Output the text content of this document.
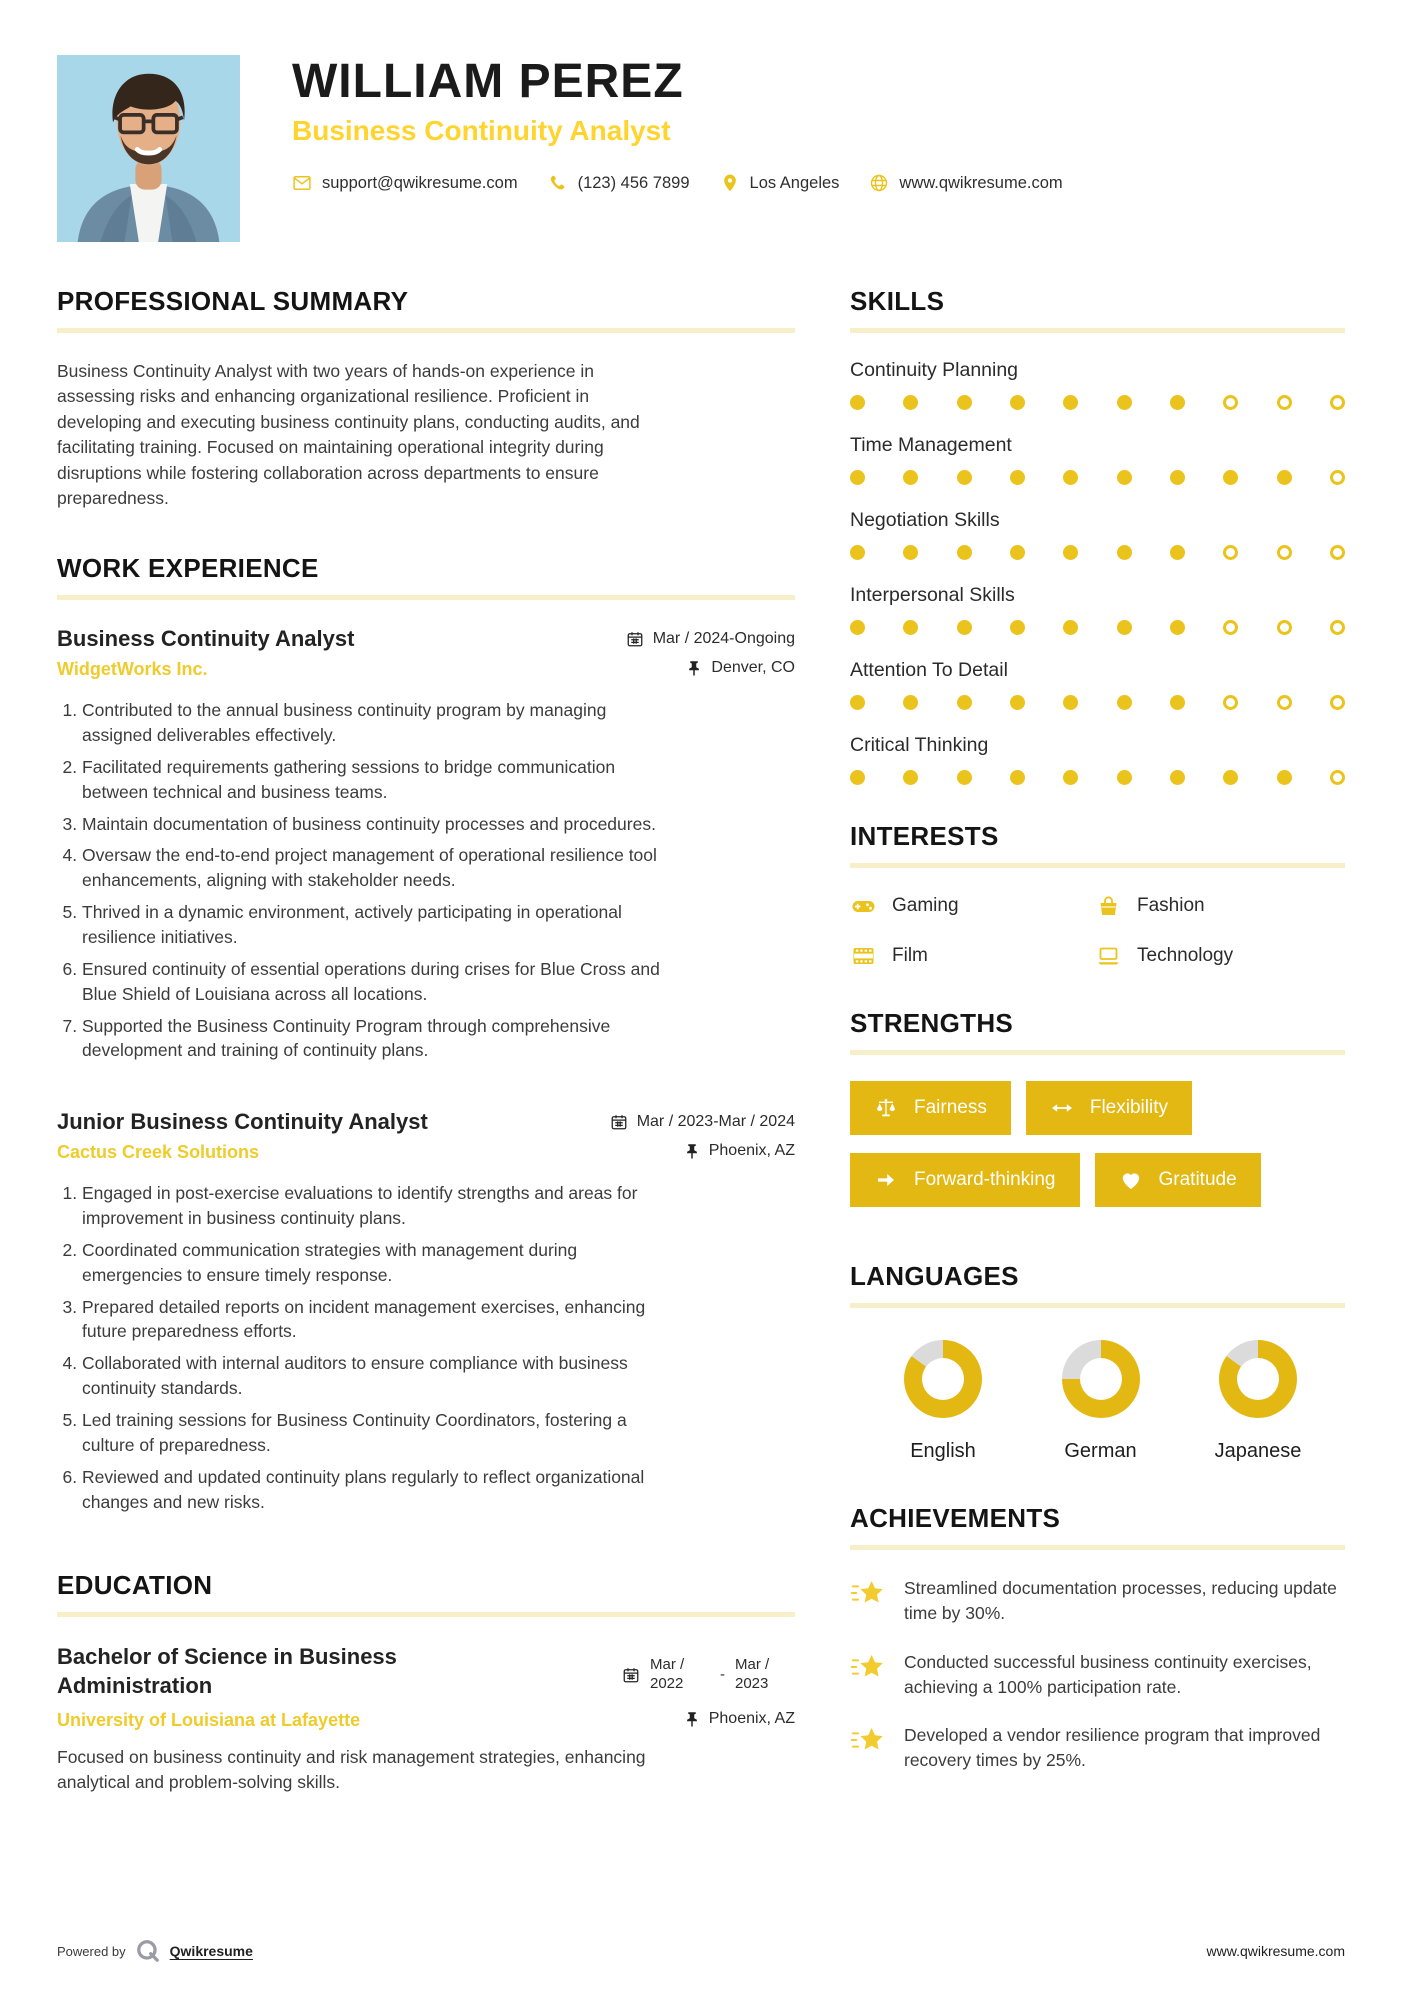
WILLIAM PEREZ
Business Continuity Analyst
support@qwikresume.com	(123) 456 7899	Los Angeles	www.qwikresume.com
PROFESSIONAL SUMMARY

Business Continuity Analyst with two years of hands-on experience in assessing risks and enhancing organizational resilience. Proficient in developing and executing business continuity plans, conducting audits, and facilitating training. Focused on maintaining operational integrity during disruptions while fostering collaboration across departments to ensure preparedness.

WORK EXPERIENCE
Business Continuity Analyst	Mar / 2024-Ongoing
WidgetWorks Inc.	Denver, CO
1. Contributed to the annual business continuity program by managing assigned deliverables effectively.
2. Facilitated requirements gathering sessions to bridge communication between technical and business teams.
3. Maintain documentation of business continuity processes and procedures.
4. Oversaw the end-to-end project management of operational resilience tool enhancements, aligning with stakeholder needs.
5. Thrived in a dynamic environment, actively participating in operational resilience initiatives.
6. Ensured continuity of essential operations during crises for Blue Cross and Blue Shield of Louisiana across all locations.
7. Supported the Business Continuity Program through comprehensive development and training of continuity plans.
Junior Business Continuity Analyst	Mar / 2023-Mar / 2024
Cactus Creek Solutions	Phoenix, AZ
1. Engaged in post-exercise evaluations to identify strengths and areas for improvement in business continuity plans.
2. Coordinated communication strategies with management during emergencies to ensure timely response.
3. Prepared detailed reports on incident management exercises, enhancing future preparedness efforts.
4. Collaborated with internal auditors to ensure compliance with business continuity standards.
5. Led training sessions for Business Continuity Coordinators, fostering a culture of preparedness.
6. Reviewed and updated continuity plans regularly to reflect organizational changes and new risks.
EDUCATION
Bachelor of Science in Business Administration
Mar / 2022	-
Mar / 2023
University of Louisiana at Lafayette	Phoenix, AZ

Focused on business continuity and risk management strategies, enhancing analytical and problem-solving skills.

SKILLS
Continuity Planning
Time Management
Negotiation Skills
Interpersonal Skills
Attention To Detail
Critical Thinking
INTERESTS
Gaming	Fashion
Film	Technology
STRENGTHS
Fairness	Flexibility
Forward-thinking	Gratitude
LANGUAGES
English	German	Japanese
ACHIEVEMENTS

Streamlined documentation processes, reducing update time by 30%.

Conducted successful business continuity exercises, achieving a 100% participation rate.

Developed a vendor resilience program that improved recovery times by 25%.

Powered by	Qwikresume	www.qwikresume.com
